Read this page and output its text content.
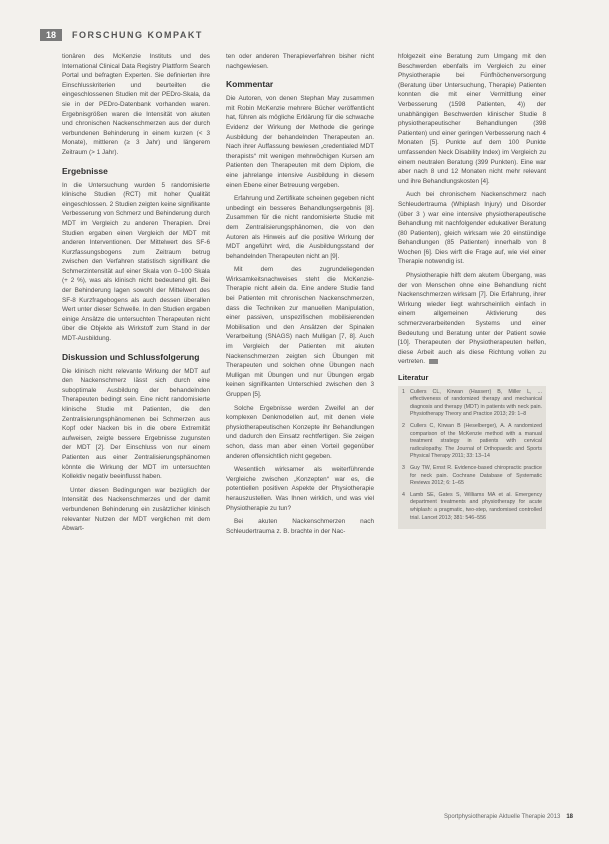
18	FORSCHUNG KOMPAKT

tionären des McKenzie Instituts und des International Clinical Data Registry Plattform Search Portal und befragten Experten. Sie definierten ihre Einschlusskriterien und beurteilten die eingeschlossenen Studien mit der PEDro-Skala, da sie in der PEDro-Datenbank vorhanden waren. Ergebnisgrößen waren die Intensität von akuten und chronischen Nackenschmerzen aus der durch verbundenen Behinderung in einem kurzen (< 3 Monate), mittleren (≥ 3 Jahr) und längerem Zeitraum (> 1 Jahr).

Ergebnisse

In die Untersuchung wurden 5 randomisierte klinische Studien (RCT) mit hoher Qualität eingeschlossen. 2 Studien zeigten keine signifikante Verbesserung von Schmerz und Behinderung durch MDT im Vergleich zu anderen Therapien. Drei Studien ergaben einen Vergleich der MDT mit anderen Interventionen. Der Mittelwert des SF-6 Kurzfassungsbogens zum Zeitraum betrug zwischen den Verfahren statistisch signifikant die Schmerzintensität auf einer Skala von 0–100 Skala (+ 2 %), was als klinisch nicht bedeutend gilt. Bei der Behinderung lagen sowohl der Mittelwert des SF-8 Kurzfragebogens als auch dessen überallen Wert unter dieser Schwelle. In den Studien ergaben einige Ansätze die untersuchten Therapeuten nicht über die Objekte als Wirkstoff zum Stand in der MDT-Ausbildung.

Diskussion und Schlussfolgerung

Die klinisch nicht relevante Wirkung der MDT auf den Nackenschmerz lässt sich durch eine suboptimale Ausbildung der behandelnden Therapeuten bedingt sein. Eine nicht randomisierte klinische Studie mit Patienten, die den Zentralisierungsphänomenen bei Schmerzen aus Kopf oder Nacken bis in die obere Extremität aufweisen, zeigte bessere Ergebnisse zugunsten der MDT [2]. Der Einschluss von nur einem Patienten aus einer Zentralisierungsphänomen könnte die Wirkung der MDT im untersuchten Kollektiv negativ beeinflusst haben.

Unter diesen Bedingungen war bezüglich der Intensität des Nackenschmerzes und der damit verbundenen Behinderung ein zusätzlicher klinisch relevanter Nutzen der MDT verglichen mit dem Abwart-

ten oder anderen Therapieverfahren bisher nicht nachgewiesen.

Kommentar

Die Autoren, von denen Stephan May zusammen mit Robin McKenzie mehrere Bücher veröffentlicht hat, führen als mögliche Erklärung für die schwache Evidenz der Wirkung der Methode die geringe Ausbildung der behandelnden Therapeuten an. Nach ihrer Auffassung bewiesen „credentialed MDT therapists“ mit wenigen mehrwöchigen Kursen am Patienten den Therapeuten mit dem Diplom, die eine jahrelange intensive Ausbildung in diesem einen Ebene einer Betreuung vergeben.

Erfahrung und Zertifikate scheinen gegeben nicht unbedingt ein besseres Behandlungsergebnis [8]. Zusammen für die nicht randomisierte Studie mit dem Zentralisierungsphänomen, die von den Autoren als Hinweis auf die positive Wirkung der MDT angeführt wird, die Ausbildungsstand der behandelnden Therapeuten nicht an [9].

Mit dem des zugrundeliegenden Wirksamkeitsnachweises steht die McKenzie-Therapie nicht allein da. Eine andere Studie fand bei Patienten mit chronischen Nackenschmerzen, dass die Techniken zur manuellen Manipulation, einer passiven, unspezifischen mobilisierenden Mobilisation und den Ansätzen der Spinalen Verarbeitung (SNAGS) nach Mulligan [7, 8]. Auch im Vergleich der Patienten mit akuten Nackenschmerzen zeigten sich Übungen mit Therapeuten und solchen ohne Übungen nach Mulligan mit Übungen und nur Übungen ergab keinen signifikanten Unterschied zwischen den 3 Gruppen [5].

Solche Ergebnisse werden Zweifel an der komplexen Denkmodellen auf, mit denen viele physiotherapeutischen Konzepte ihr Behandlungen und dadurch den Einsatz rechtfertigen. Sie zeigen schon, dass man aber einen Vorteil gegenüber anderen offensichtlich nicht gegeben.

Wesentlich wirksamer als weiterführende Vergleiche zwischen „Konzepten“ war es, die potentiellen positiven Aspekte der Physiotherapie herauszustellen. Was Ihnen wirklich, und was viel Physiotherapie zu tun?

Bei akuten Nackenschmerzen nach Schleudertrauma z. B. brachte in der Nac-

hfolgezeit eine Beratung zum Umgang mit den Beschwerden ebenfalls im Vergleich zu einer Physiotherapie bei Fünfhöchenversorgung (Beratung über Untersuchung, Therapie) Patienten konnten die mit einer Vermittlung einer Verbesserung (1598 Patienten, 4)) der unabhängigen Beschwerden klinischer Studie 8 physiotherapeutischer Behandlungen (398 Patienten) und einer geringen Verbesserung nach 4 Monaten [5]. Punkte auf dem 100 Punkte umfassenden Neck Disability Index) im Vergleich zu einem neutralen Beratung (399 Punkten). Eine war aber nach 8 und 12 Monaten nicht mehr relevant und ihre Behandlungskosten [4].

Auch bei chronischem Nackenschmerz nach Schleudertrauma (Whiplash Injury) und Disorder (über 3 ) war eine intensive physiotherapeutische Behandlung mit nachfolgender edukativer Beratung (80 Patienten), gleich wirksam wie 20 einstündige Behandlungen (85 Patienten) innerhalb von 8 Wochen [6]. Dies wirft die Frage auf, wie viel einer Therapie notwendig ist.

Physiotherapie hilft dem akutem Übergang, was der von Menschen ohne eine Behandlung nicht Nackenschmerzen wirksam [7]. Die Erfahrung, ihrer Wirkung wieder liegt wahrscheinlich einfach in einem allgemeinen Aktivierung des schmerzverarbeitenden Systems und einer Bedeutung und Beratung unter der Patient sowie [10]. Therapeuten der Physiotherapeuten helfen, diese Arbeit auch als diese Richtung vollen zu vertreten.

Literatur
1 Cullers CL, Kirwan (Hasserr) B, Miller L, ... effectiveness of randomized therapy and mechanical diagnosis and therapy (MDT) in patients with neck pain. Physiotherapy Theory and Practice 2013; 29: 1–8
2 Cullers C, Kirwan B (Heselberger), A. A randomized comparison of the McKenzie method with a manual treatment strategy in patients with cervical radiculopathy. The Journal of Orthopaedic and Sports Physical Therapy 2011; 33: 13–14
3 Guy TW, Ernst R. Evidence-based chiropractic practice for neck pain. Cochrane Database of Systematic Reviews 2012; 6: 1–65
4 Lamb SE, Gates S, Williams MA et al. Emergency department treatments and physiotherapy for acute whiplash: a pragmatic, two-step, randomised controlled trial. Lancet 2013; 381: 546–556
Sportphysiotherapie Aktuelle Therapie 2013 18
